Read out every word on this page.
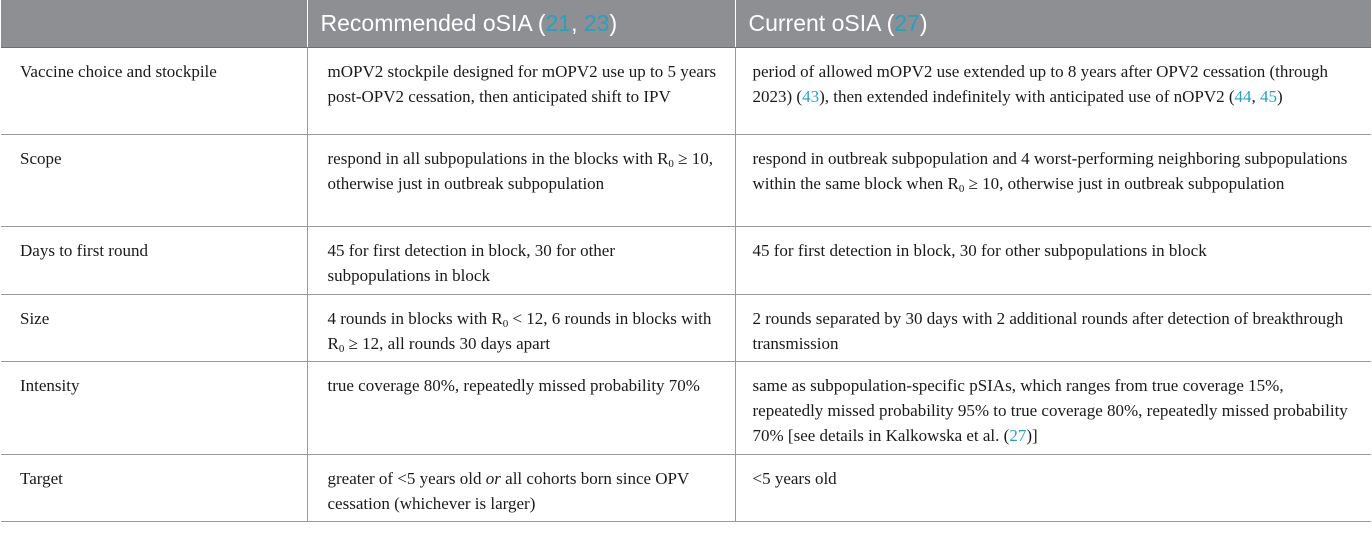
	Recommended oSIA (21, 23)	Current oSIA (27)
Vaccine choice and stockpile	mOPV2 stockpile designed for mOPV2 use up to 5 years post-OPV2 cessation, then anticipated shift to IPV	period of allowed mOPV2 use extended up to 8 years after OPV2 cessation (through 2023) (43), then extended indefinitely with anticipated use of nOPV2 (44, 45)
Scope	respond in all subpopulations in the blocks with $R_0 \ge 10$, otherwise just in outbreak subpopulation	respond in outbreak subpopulation and 4 worst-performing neighboring subpopulations within the same block when $R_0 \ge 10$, otherwise just in outbreak subpopulation
Days to first round	45 for first detection in block, 30 for other subpopulations in block	45 for first detection in block, 30 for other subpopulations in block
Size	4 rounds in blocks with $R_0 < 12$, 6 rounds in blocks with $R_0 \ge 12$, all rounds 30 days apart	2 rounds separated by 30 days with 2 additional rounds after detection of breakthrough transmission
Intensity	true coverage 80%, repeatedly missed probability 70%	same as subpopulation-specific pSIAs, which ranges from true coverage 15%, repeatedly missed probability 95% to true coverage 80%, repeatedly missed probability 70% [see details in Kalkowska et al. (27)]
Target	greater of <5 years old or all cohorts born since OPV cessation (whichever is larger)	<5 years old
